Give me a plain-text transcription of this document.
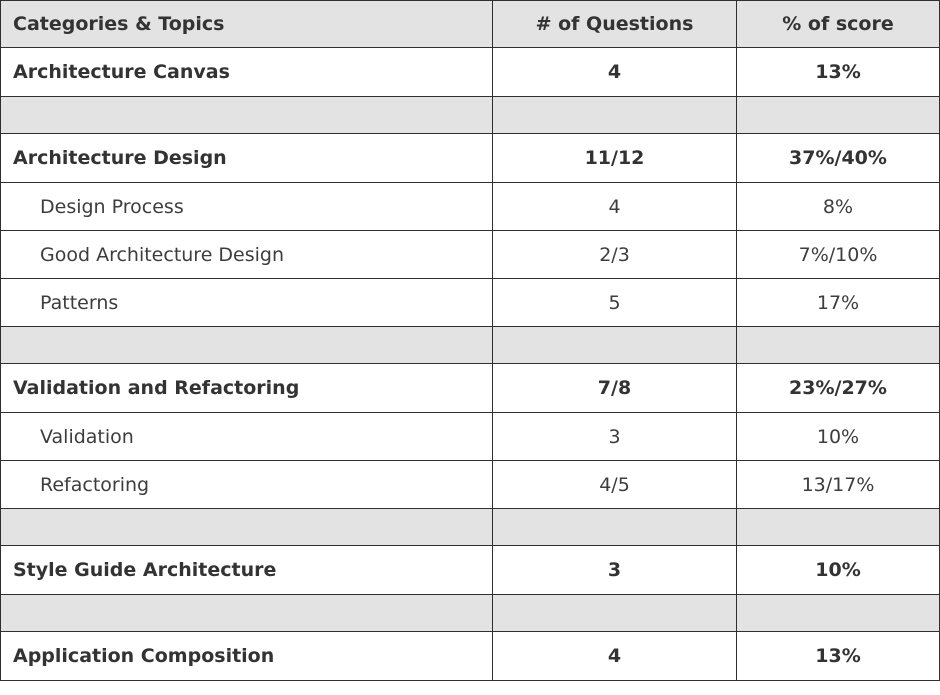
Categories & Topics	# of Questions	% of score
Architecture Canvas	4	13%

Architecture Design	11/12	37%/40%
Design Process	4	8%
Good Architecture Design	2/3	7%/10%
Patterns	5	17%

Validation and Refactoring	7/8	23%/27%
Validation	3	10%
Refactoring	4/5	13/17%

Style Guide Architecture	3	10%

Application Composition	4	13%
